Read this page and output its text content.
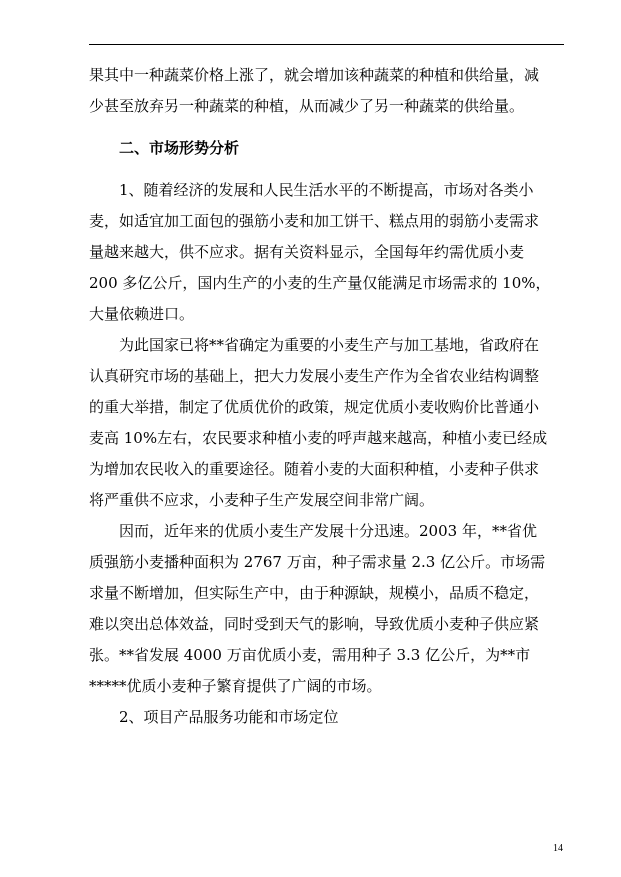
果其中一种蔬菜价格上涨了，就会增加该种蔬菜的种植和供给量，减
少甚至放弃另一种蔬菜的种植，从而减少了另一种蔬菜的供给量。
二、市场形势分析
1、随着经济的发展和人民生活水平的不断提高，市场对各类小
麦，如适宜加工面包的强筋小麦和加工饼干、糕点用的弱筋小麦需求
量越来越大，供不应求。据有关资料显示，全国每年约需优质小麦
200 多亿公斤，国内生产的小麦的生产量仅能满足市场需求的 10%，
大量依赖进口。
为此国家已将**省确定为重要的小麦生产与加工基地，省政府在
认真研究市场的基础上，把大力发展小麦生产作为全省农业结构调整
的重大举措，制定了优质优价的政策，规定优质小麦收购价比普通小
麦高 10%左右，农民要求种植小麦的呼声越来越高，种植小麦已经成
为增加农民收入的重要途径。随着小麦的大面积种植，小麦种子供求
将严重供不应求，小麦种子生产发展空间非常广阔。
因而，近年来的优质小麦生产发展十分迅速。2003 年，**省优
质强筋小麦播种面积为 2767 万亩，种子需求量 2.3 亿公斤。市场需
求量不断增加，但实际生产中，由于种源缺，规模小，品质不稳定，
难以突出总体效益，同时受到天气的影响，导致优质小麦种子供应紧
张。**省发展 4000 万亩优质小麦，需用种子 3.3 亿公斤，为**市
*****优质小麦种子繁育提供了广阔的市场。
2、项目产品服务功能和市场定位
14
